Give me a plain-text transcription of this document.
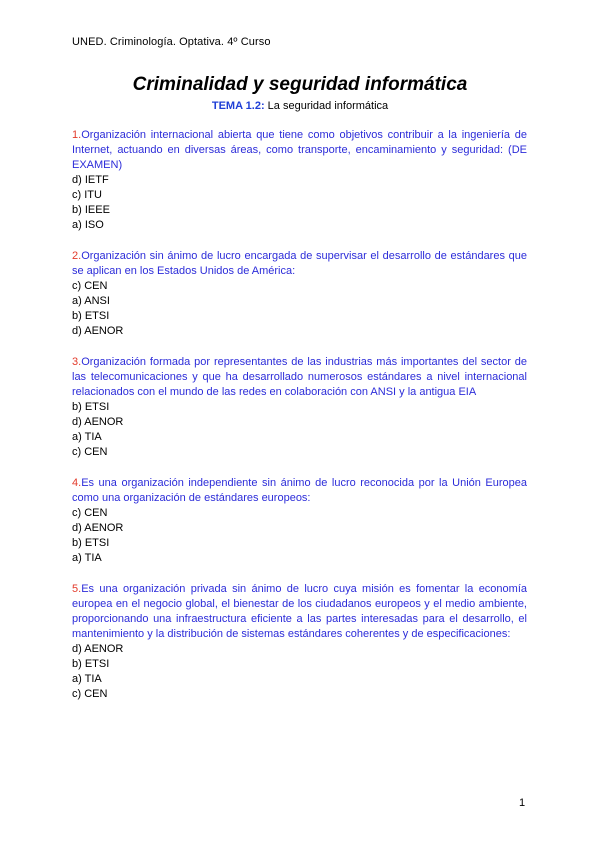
UNED. Criminología. Optativa. 4º Curso
Criminalidad y seguridad informática
TEMA 1.2: La seguridad informática
1.Organización internacional abierta que tiene como objetivos contribuir a la ingeniería de Internet, actuando en diversas áreas, como transporte, encaminamiento y seguridad: (DE EXAMEN)
d) IETF
c) ITU
b) IEEE
a) ISO
2.Organización sin ánimo de lucro encargada de supervisar el desarrollo de estándares que se aplican en los Estados Unidos de América:
c) CEN
a) ANSI
b) ETSI
d) AENOR
3.Organización formada por representantes de las industrias más importantes del sector de las telecomunicaciones y que ha desarrollado numerosos estándares a nivel internacional relacionados con el mundo de las redes en colaboración con ANSI y la antigua EIA
b) ETSI
d) AENOR
a) TIA
c) CEN
4.Es una organización independiente sin ánimo de lucro reconocida por la Unión Europea como una organización de estándares europeos:
c) CEN
d) AENOR
b) ETSI
a) TIA
5.Es una organización privada sin ánimo de lucro cuya misión es fomentar la economía europea en el negocio global, el bienestar de los ciudadanos europeos y el medio ambiente, proporcionando una infraestructura eficiente a las partes interesadas para el desarrollo, el mantenimiento y la distribución de sistemas estándares coherentes y de especificaciones:
d) AENOR
b) ETSI
a) TIA
c) CEN
1
